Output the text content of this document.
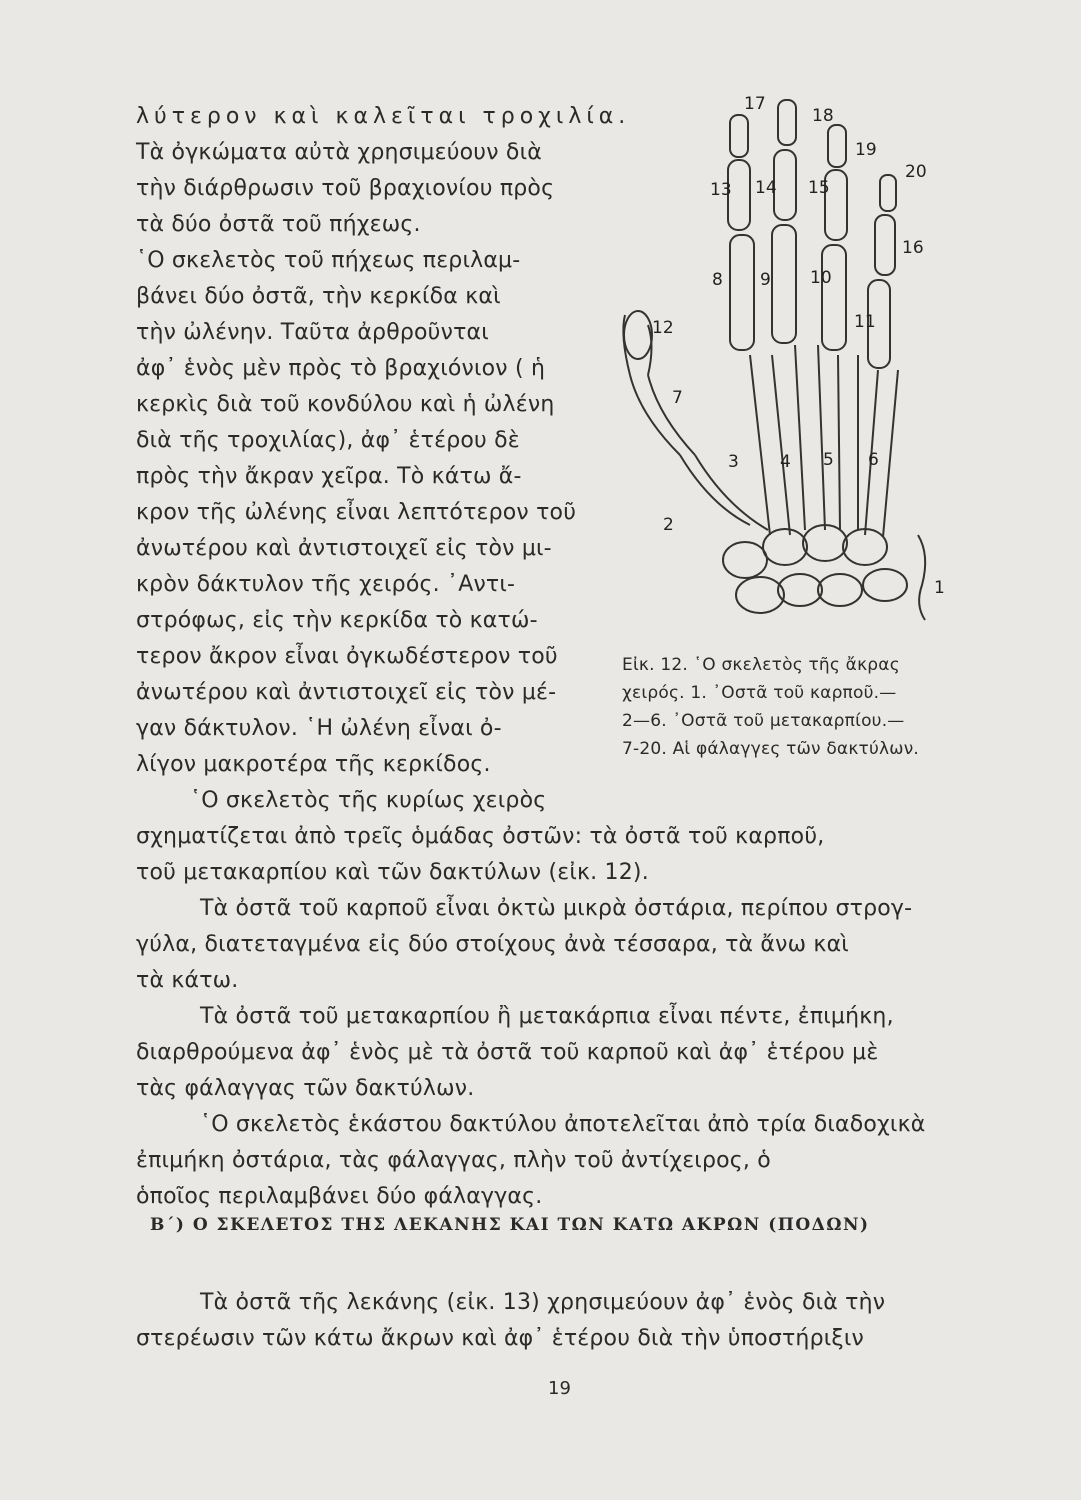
λύτερον καὶ καλεῖται τροχιλία.
Τὰ ὀγκώματα αὐτὰ χρησιμεύουν διὰ
τὴν διάρθρωσιν τοῦ βραχιονίου πρὸς
τὰ δύο ὀστᾶ τοῦ πήχεως.
῾Ο σκελετὸς τοῦ πήχεως περιλαμ-
βάνει δύο ὀστᾶ, τὴν κερκίδα καὶ
τὴν ὠλένην. Ταῦτα ἀρθροῦνται
ἀφ᾽ ἑνὸς μὲν πρὸς τὸ βραχιόνιον ( ἡ
κερκὶς διὰ τοῦ κονδύλου καὶ ἡ ὠλένη
διὰ τῆς τροχιλίας), ἀφ᾽ ἑτέρου δὲ
πρὸς τὴν ἄκραν χεῖρα. Τὸ κάτω ἄ-
κρον τῆς ὠλένης εἶναι λεπτότερον τοῦ
ἀνωτέρου καὶ ἀντιστοιχεῖ εἰς τὸν μι-
κρὸν δάκτυλον τῆς χειρός. ᾽Αντι-
στρόφως, εἰς τὴν κερκίδα τὸ κατώ-
τερον ἄκρον εἶναι ὀγκωδέστερον τοῦ
ἀνωτέρου καὶ ἀντιστοιχεῖ εἰς τὸν μέ-
γαν δάκτυλον. ῾Η ὠλένη εἶναι ὀ-
λίγον μακροτέρα τῆς κερκίδος.
῾Ο σκελετὸς τῆς κυρίως χειρὸς
1
2
3 4 5 6
7
8 9 10
11
12
13 14 15
16
17
18
19
20
Εἰκ. 12. ῾Ο σκελετὸς τῆς ἄκρας
χειρός. 1. ᾽Οστᾶ τοῦ καρποῦ.—
2—6. ᾽Οστᾶ τοῦ μετακαρπίου.—
7-20. Αἱ φάλαγγες τῶν δακτύλων.
σχηματίζεται ἀπὸ τρεῖς ὁμάδας ὀστῶν: τὰ ὀστᾶ τοῦ καρποῦ,
τοῦ μετακαρπίου καὶ τῶν δακτύλων (εἰκ. 12).
Τὰ ὀστᾶ τοῦ καρποῦ εἶναι ὀκτὼ μικρὰ ὀστάρια, περίπου στρογ-
γύλα, διατεταγμένα εἰς δύο στοίχους ἀνὰ τέσσαρα, τὰ ἄνω καὶ
τὰ κάτω.
Τὰ ὀστᾶ τοῦ μετακαρπίου ἢ μετακάρπια εἶναι πέντε, ἐπιμήκη,
διαρθρούμενα ἀφ᾽ ἑνὸς μὲ τὰ ὀστᾶ τοῦ καρποῦ καὶ ἀφ᾽ ἑτέρου μὲ
τὰς φάλαγγας τῶν δακτύλων.
῾Ο σκελετὸς ἑκάστου δακτύλου ἀποτελεῖται ἀπὸ τρία διαδοχικὰ
ἐπιμήκη ὀστάρια, τὰς φάλαγγας, πλὴν τοῦ ἀντίχειρος, ὁ
ὁποῖος περιλαμβάνει δύο φάλαγγας.
Β΄) Ο ΣΚΕΛΕΤΟΣ ΤΗΣ ΛΕΚΑΝΗΣ ΚΑΙ ΤΩΝ ΚΑΤΩ ΑΚΡΩΝ (ΠΟΔΩΝ)
Τὰ ὀστᾶ τῆς λεκάνης (εἰκ. 13) χρησιμεύουν ἀφ᾽ ἑνὸς διὰ τὴν
στερέωσιν τῶν κάτω ἄκρων καὶ ἀφ᾽ ἑτέρου διὰ τὴν ὑποστήριξιν
19
